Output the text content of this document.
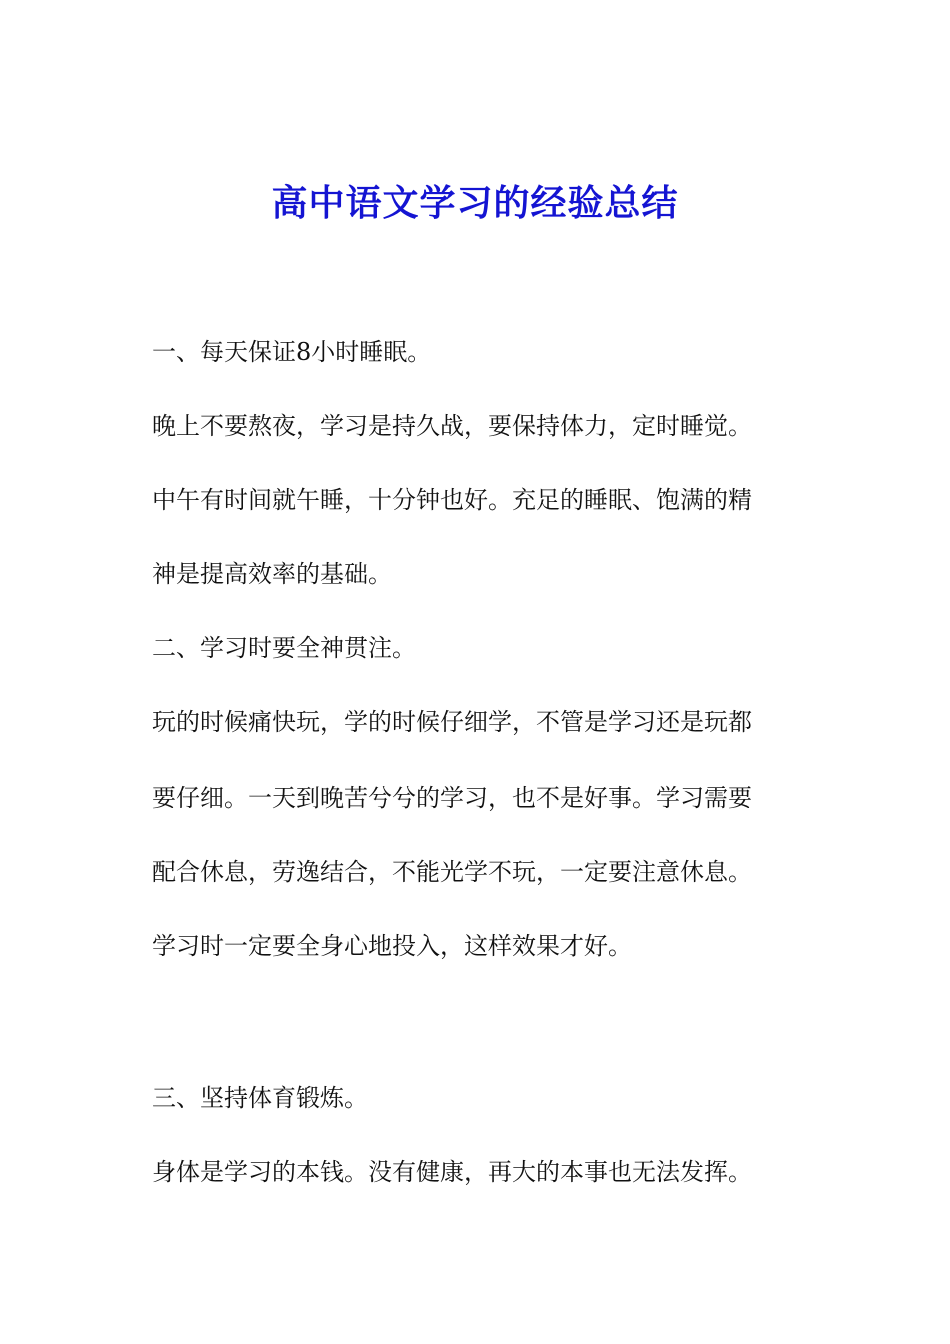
高中语文学习的经验总结

一、每天保证8小时睡眠。

晚上不要熬夜，学习是持久战，要保持体力，定时睡觉。

中午有时间就午睡，十分钟也好。充足的睡眠、饱满的精

神是提高效率的基础。

二、学习时要全神贯注。

玩的时候痛快玩，学的时候仔细学，不管是学习还是玩都

要仔细。一天到晚苦兮兮的学习，也不是好事。学习需要

配合休息，劳逸结合，不能光学不玩，一定要注意休息。

学习时一定要全身心地投入，这样效果才好。

三、坚持体育锻炼。

身体是学习的本钱。没有健康，再大的本事也无法发挥。
